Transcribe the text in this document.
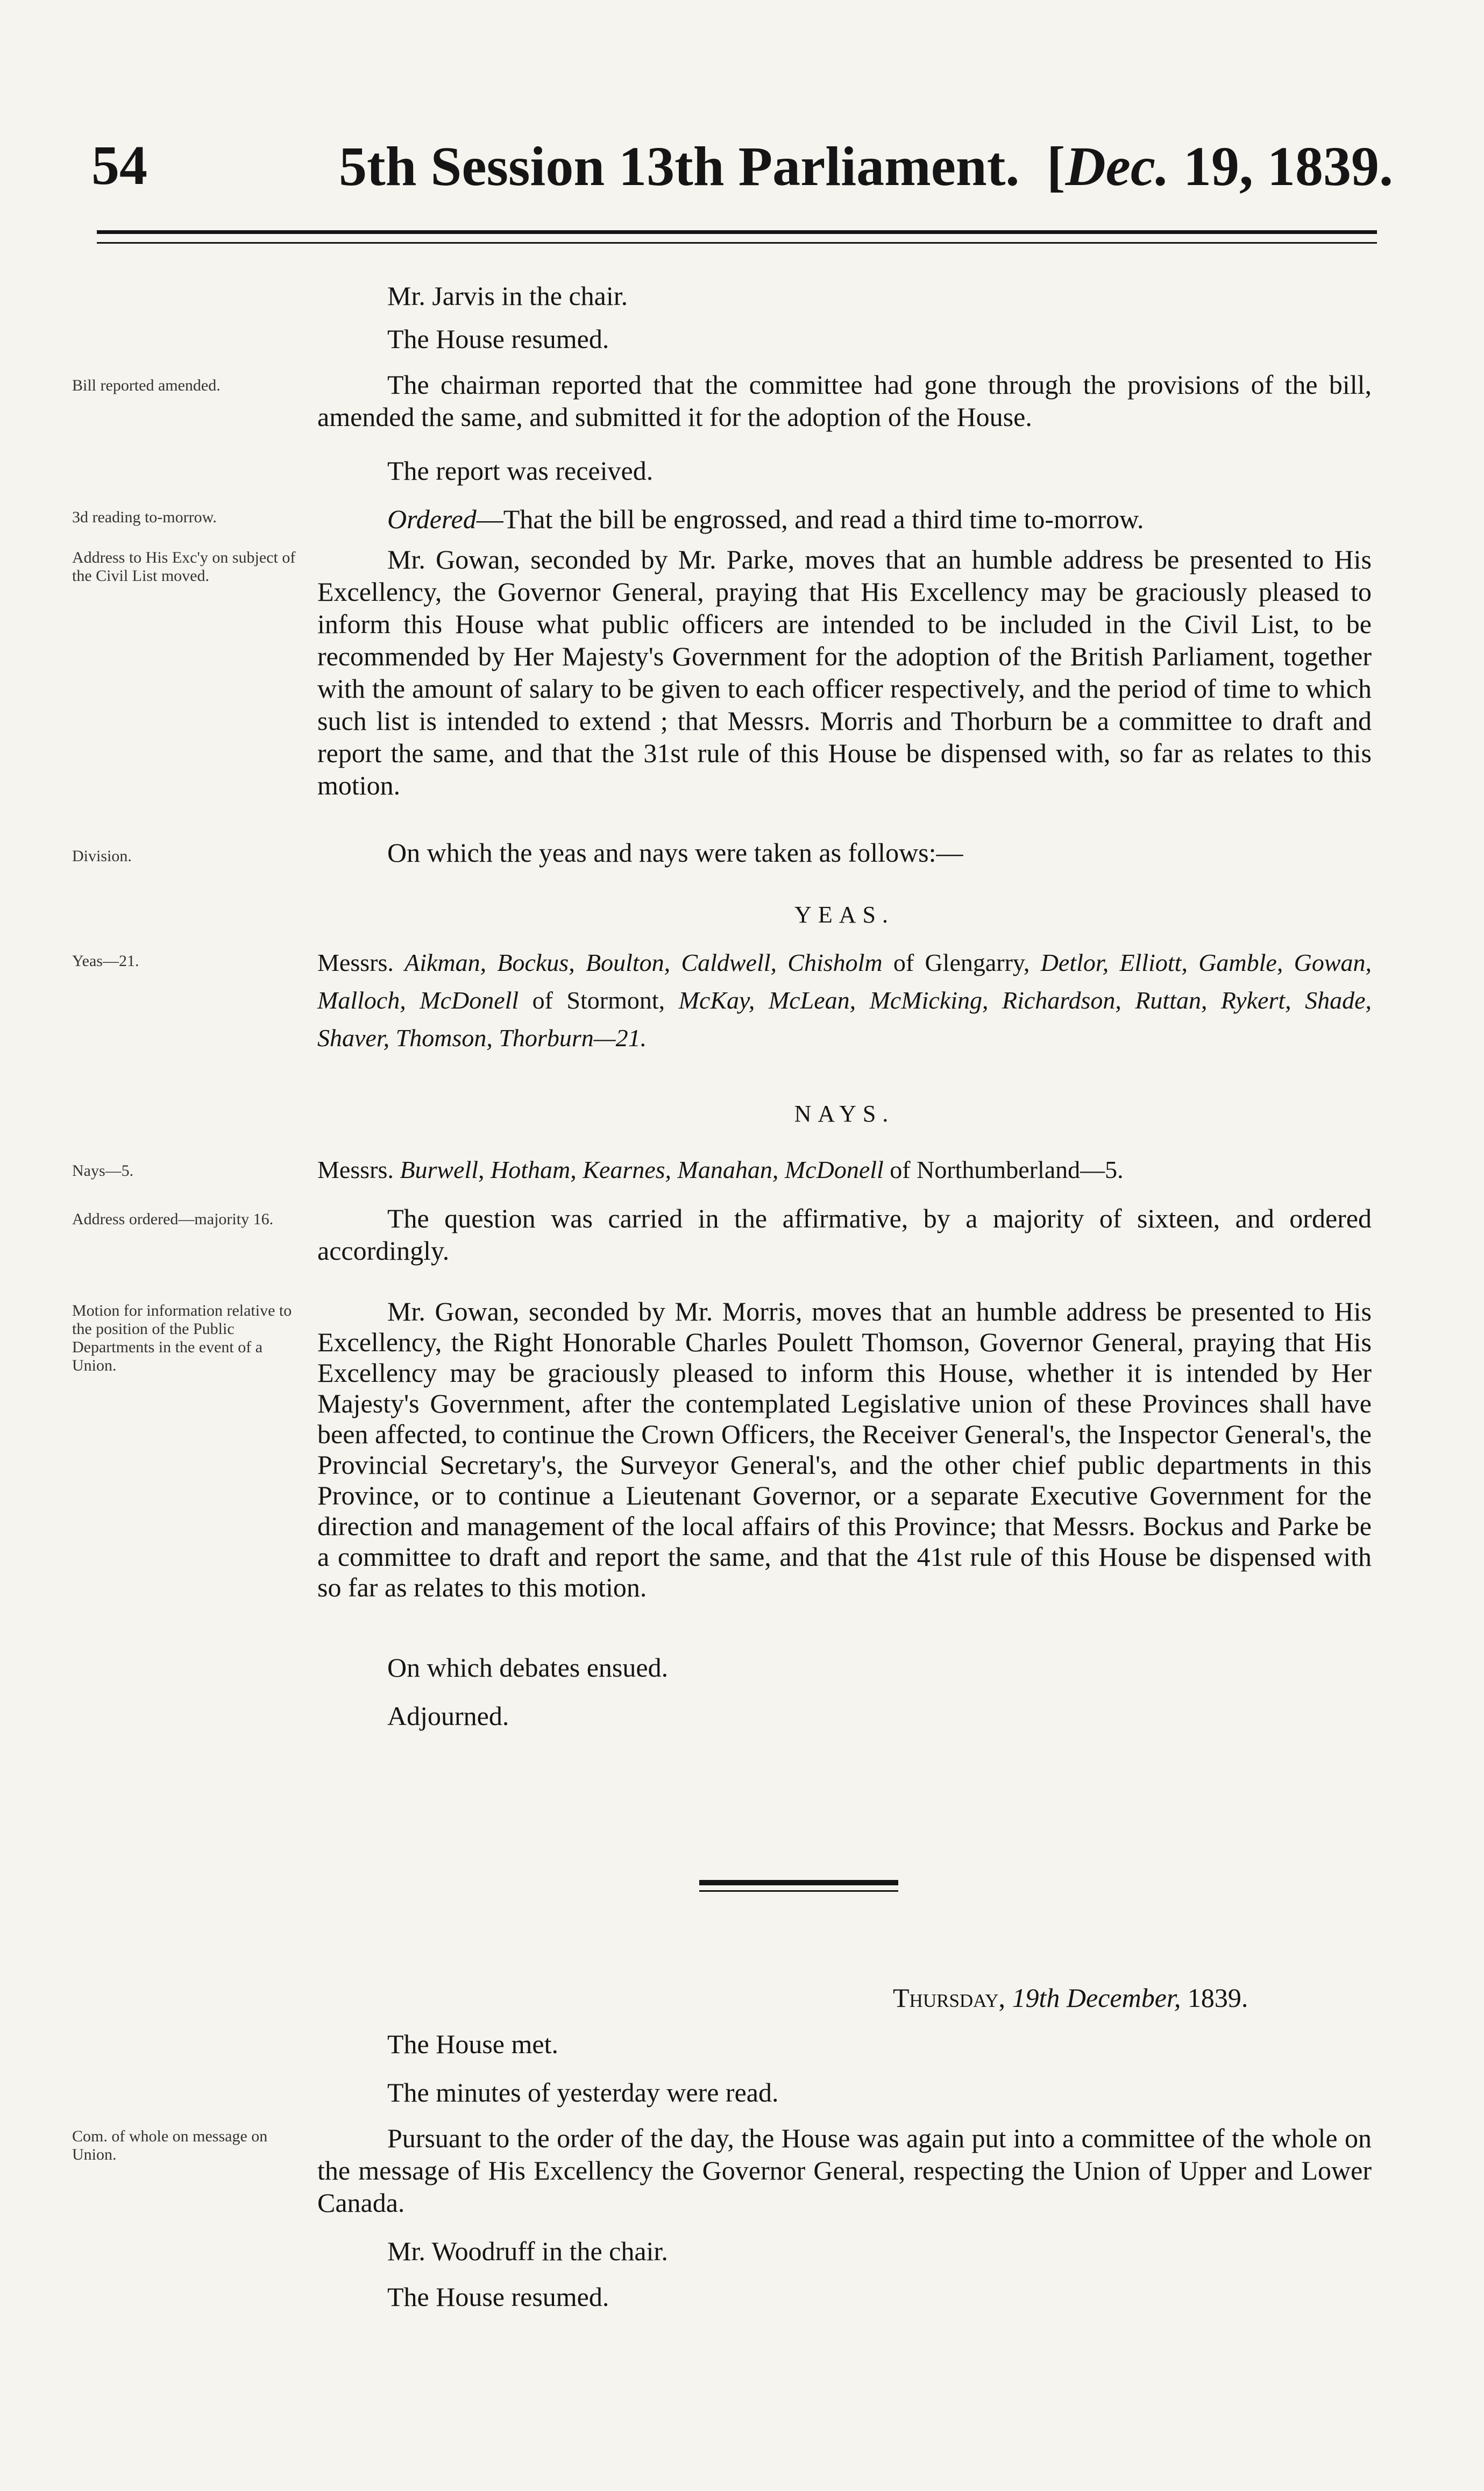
54	5th Session 13th Parliament. [Dec. 19, 1839.

Mr. Jarvis in the chair.

The House resumed.

Bill reported amended.	The chairman reported that the committee had gone through the provisions of the bill, amended the same, and submitted it for the adoption of the House.

The report was received.

3d reading to-morrow.	Ordered—That the bill be engrossed, and read a third time to-morrow.

Address to His Exc'y on subject of the Civil List moved.

Mr. Gowan, seconded by Mr. Parke, moves that an humble address be presented to His Excellency, the Governor General, praying that His Excellency may be graciously pleased to inform this House what public officers are intended to be included in the Civil List, to be recommended by Her Majesty's Government for the adoption of the British Parliament, together with the amount of salary to be given to each officer respectively, and the period of time to which such list is intended to extend ; that Messrs. Morris and Thorburn be a committee to draft and report the same, and that the 31st rule of this House be dispensed with, so far as relates to this motion.

Division.	On which the yeas and nays were taken as follows:—

YEAS.
Yeas—21.	Messrs. Aikman, Bockus, Boulton, Caldwell, Chisholm of Glengarry, Detlor, Elliott, Gamble, Gowan, Malloch, McDonell of Stormont, McKay, McLean, McMicking, Richardson, Ruttan, Rykert, Shade, Shaver, Thomson, Thorburn—21.

NAYS.
Nays—5.	Messrs. Burwell, Hotham, Kearnes, Manahan, McDonell of Northumberland—5.

Address ordered—majority 16.	The question was carried in the affirmative, by a majority of sixteen, and ordered accordingly.

Motion for information relative to the position of the Public Departments in the event of a Union.

Mr. Gowan, seconded by Mr. Morris, moves that an humble address be presented to His Excellency, the Right Honorable Charles Poulett Thomson, Governor General, praying that His Excellency may be graciously pleased to inform this House, whether it is intended by Her Majesty's Government, after the contemplated Legislative union of these Provinces shall have been affected, to continue the Crown Officers, the Receiver General's, the Inspector General's, the Provincial Secretary's, the Surveyor General's, and the other chief public departments in this Province, or to continue a Lieutenant Governor, or a separate Executive Government for the direction and management of the local affairs of this Province; that Messrs. Bockus and Parke be a committee to draft and report the same, and that the 41st rule of this House be dispensed with so far as relates to this motion.

On which debates ensued.

Adjourned.

Thursday, 19th December, 1839.

The House met.

The minutes of yesterday were read.

Com. of whole on message on Union.

Pursuant to the order of the day, the House was again put into a committee of the whole on the message of His Excellency the Governor General, respecting the Union of Upper and Lower Canada.

Mr. Woodruff in the chair.

The House resumed.
